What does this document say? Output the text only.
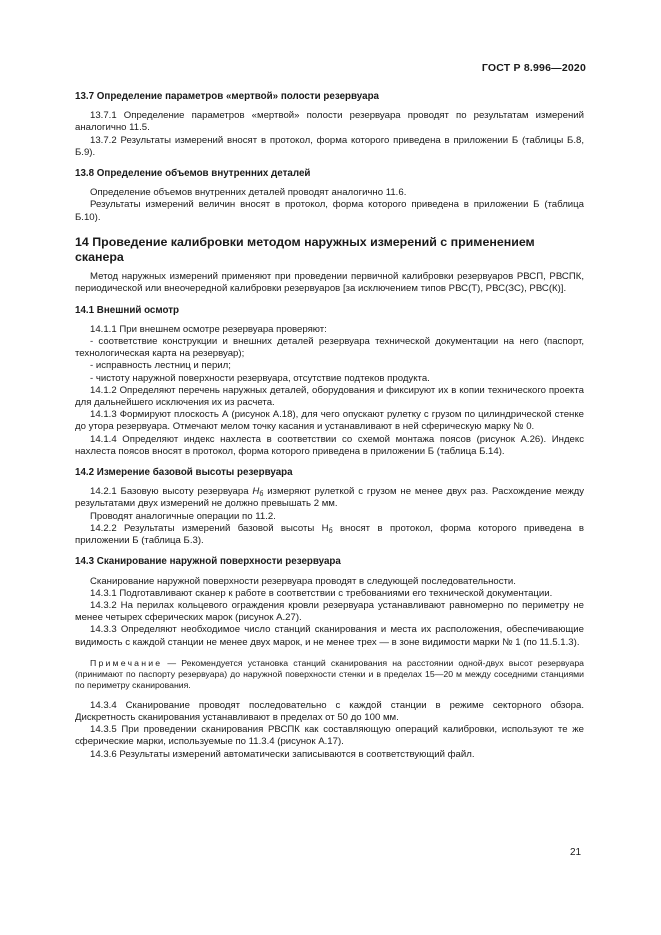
ГОСТ Р 8.996—2020
13.7 Определение параметров «мертвой» полости резервуара

13.7.1 Определение параметров «мертвой» полости резервуара проводят по результатам измерений аналогично 11.5.

13.7.2 Результаты измерений вносят в протокол, форма которого приведена в приложении Б (таблицы Б.8, Б.9).

13.8 Определение объемов внутренних деталей

Определение объемов внутренних деталей проводят аналогично 11.6.

Результаты измерений величин вносят в протокол, форма которого приведена в приложении Б (таблица Б.10).

14 Проведение калибровки методом наружных измерений с применением сканера

Метод наружных измерений применяют при проведении первичной калибровки резервуаров РВСП, РВСПК, периодической или внеочередной калибровки резервуаров [за исключением типов РВС(Т), РВС(ЗС), РВС(К)].

14.1 Внешний осмотр

14.1.1 При внешнем осмотре резервуара проверяют:

- соответствие конструкции и внешних деталей резервуара технической документации на него (паспорт, технологическая карта на резервуар);

- исправность лестниц и перил;

- чистоту наружной поверхности резервуара, отсутствие подтеков продукта.

14.1.2 Определяют перечень наружных деталей, оборудования и фиксируют их в копии технического проекта для дальнейшего исключения их из расчета.

14.1.3 Формируют плоскость А (рисунок А.18), для чего опускают рулетку с грузом по цилиндрической стенке до утора резервуара. Отмечают мелом точку касания и устанавливают в ней сферическую марку № 0.

14.1.4 Определяют индекс нахлеста в соответствии со схемой монтажа поясов (рисунок А.26). Индекс нахлеста поясов вносят в протокол, форма которого приведена в приложении Б (таблица Б.14).

14.2 Измерение базовой высоты резервуара

14.2.1 Базовую высоту резервуара $H_б$ измеряют рулеткой с грузом не менее двух раз. Расхождение между результатами двух измерений не должно превышать 2 мм.

Проводят аналогичные операции по 11.2.

14.2.2 Результаты измерений базовой высоты $Н_б$ вносят в протокол, форма которого приведена в приложении Б (таблица Б.3).

14.3 Сканирование наружной поверхности резервуара

Сканирование наружной поверхности резервуара проводят в следующей последовательности.

14.3.1 Подготавливают сканер к работе в соответствии с требованиями его технической документации.

14.3.2 На перилах кольцевого ограждения кровли резервуара устанавливают равномерно по периметру не менее четырех сферических марок (рисунок А.27).

14.3.3 Определяют необходимое число станций сканирования и места их расположения, обеспечивающие видимость с каждой станции не менее двух марок, и не менее трех — в зоне видимости марки № 1 (по 11.5.1.3).

Примечание — Рекомендуется установка станций сканирования на расстоянии одной-двух высот резервуара (принимают по паспорту резервуара) до наружной поверхности стенки и в пределах 15—20 м между соседними станциями по периметру сканирования.

14.3.4 Сканирование проводят последовательно с каждой станции в режиме секторного обзора. Дискретность сканирования устанавливают в пределах от 50 до 100 мм.

14.3.5 При проведении сканирования РВСПК как составляющую операций калибровки, используют те же сферические марки, используемые по 11.3.4 (рисунок А.17).

14.3.6 Результаты измерений автоматически записываются в соответствующий файл.

21
